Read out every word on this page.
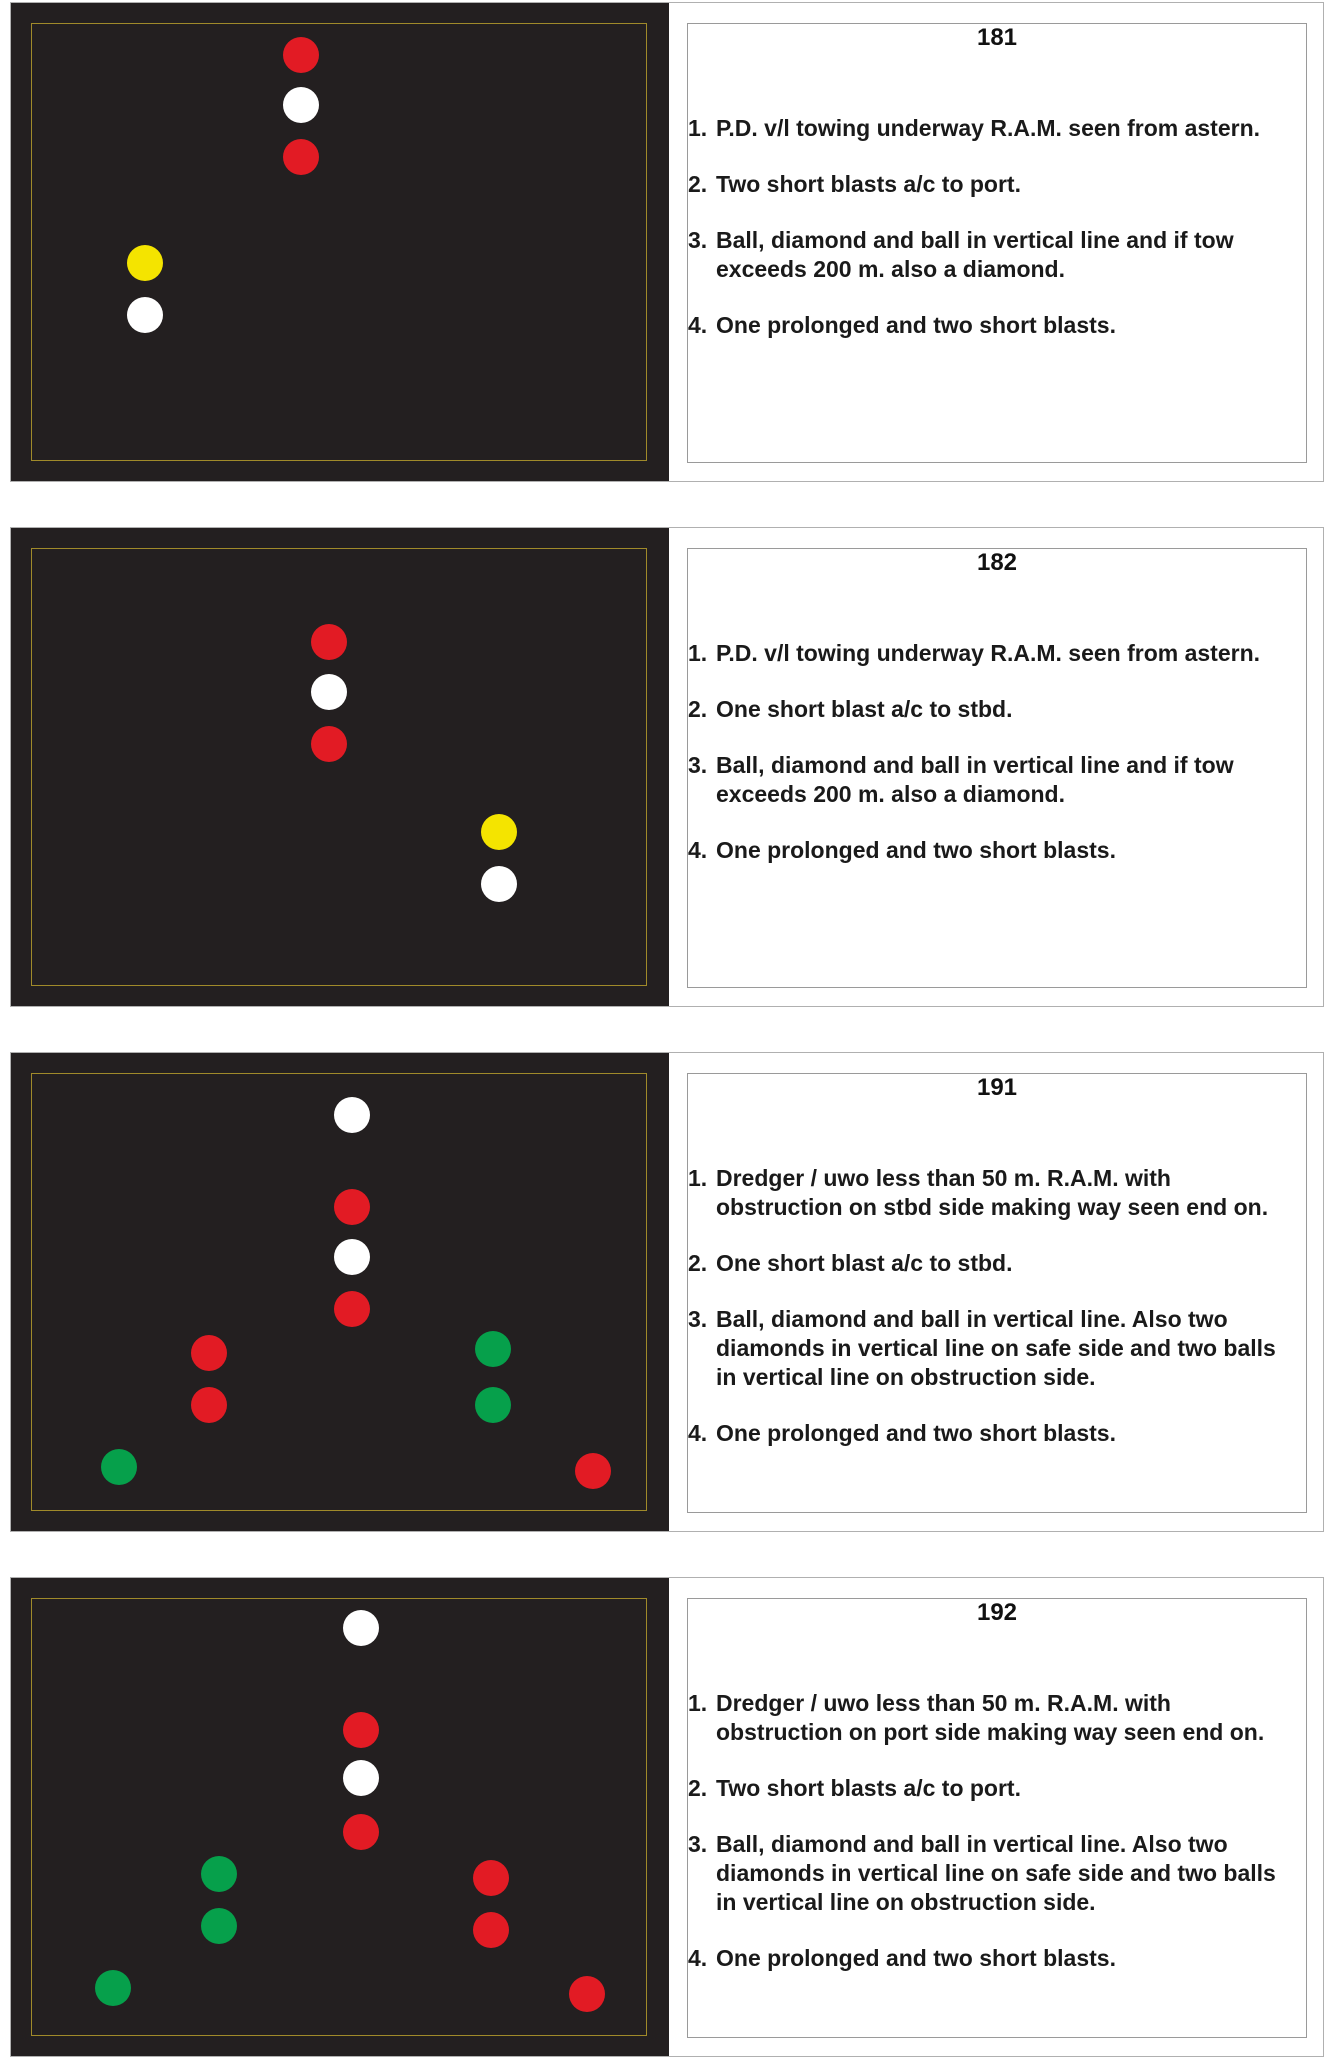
181
1. P.D. v/l towing underway R.A.M. seen from astern.
2. Two short blasts a/c to port.
3. Ball, diamond and ball in vertical line and if tow exceeds 200 m. also a diamond.
4. One prolonged and two short blasts.
182
1. P.D. v/l towing underway R.A.M. seen from astern.
2. One short blast a/c to stbd.
3. Ball, diamond and ball in vertical line and if tow exceeds 200 m. also a diamond.
4. One prolonged and two short blasts.
191
1. Dredger / uwo less than 50 m. R.A.M. with obstruction on stbd side making way seen end on.
2. One short blast a/c to stbd.
3. Ball, diamond and ball in vertical line. Also two diamonds in vertical line on safe side and two balls in vertical line on obstruction side.
4. One prolonged and two short blasts.
192
1. Dredger / uwo less than 50 m. R.A.M. with obstruction on port side making way seen end on.
2. Two short blasts a/c to port.
3. Ball, diamond and ball in vertical line. Also two diamonds in vertical line on safe side and two balls in vertical line on obstruction side.
4. One prolonged and two short blasts.
